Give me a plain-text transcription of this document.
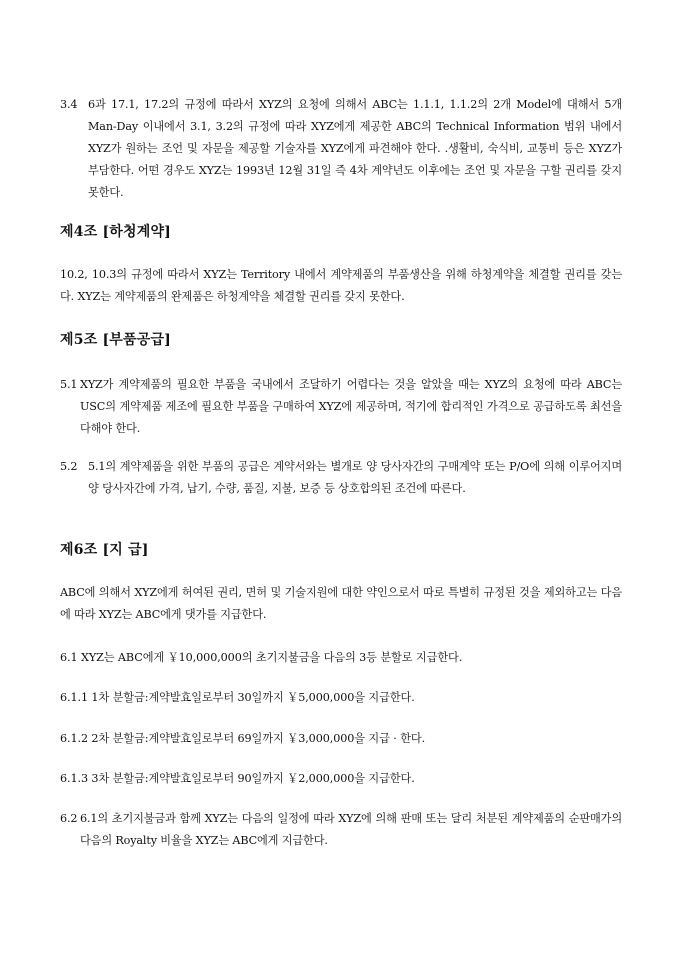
3.4 6과 17.1, 17.2의 규정에 따라서 XYZ의 요청에 의해서 ABC는 1.1.1, 1.1.2의 2개 Model에 대해서 5개 Man-Day 이내에서 3.1, 3.2의 규정에 따라 XYZ에게 제공한 ABC의 Technical Information 범위 내에서 XYZ가 원하는 조언 및 자문을 제공할 기술자를 XYZ에게 파견해야 한다. .생활비, 숙식비, 교통비 등은 XYZ가 부담한다. 어떤 경우도 XYZ는 1993년 12월 31일 즉 4차 계약년도 이후에는 조언 및 자문을 구할 권리를 갖지 못한다.
제4조 [하청계약]
10.2, 10.3의 규정에 따라서 XYZ는 Territory 내에서 계약제품의 부품생산을 위해 하청계약을 체결할 권리를 갖는다. XYZ는 계약제품의 완제품은 하청계약을 체결할 권리를 갖지 못한다.
제5조 [부품공급]
5.1 XYZ가 계약제품의 필요한 부품을 국내에서 조달하기 어렵다는 것을 알았을 때는 XYZ의 요청에 따라 ABC는 USC의 계약제품 제조에 필요한 부품을 구매하여 XYZ에 제공하며, 적기에 합리적인 가격으로 공급하도록 최선을 다해야 한다.
5.2 5.1의 계약제품을 위한 부품의 공급은 계약서와는 별개로 양 당사자간의 구매계약 또는 P/O에 의해 이루어지며 양 당사자간에 가격, 납기, 수량, 품질, 지불, 보증 등 상호합의된 조건에 따른다.
제6조 [지 급]
ABC에 의해서 XYZ에게 허여된 권리, 면허 및 기술지원에 대한 약인으로서 따로 특별히 규정된 것을 제외하고는 다음에 따라 XYZ는 ABC에게 댓가를 지급한다.

6.1 XYZ는 ABC에게 ￥10,000,000의 초기지불금을 다음의 3등 분할로 지급한다.

6.1.1 1차 분할금:계약발효일로부터 30일까지 ￥5,000,000을 지급한다.

6.1.2 2차 분할금:계약발효일로부터 69일까지 ￥3,000,000을 지급 · 한다.

6.1.3 3차 분할금:계약발효일로부터 90일까지 ￥2,000,000을 지급한다.

6.2 6.1의 초기지불금과 함께 XYZ는 다음의 일정에 따라 XYZ에 의해 판매 또는 달리 처분된 계약제품의 순판매가의 다음의 Royalty 비율을 XYZ는 ABC에게 지급한다.
